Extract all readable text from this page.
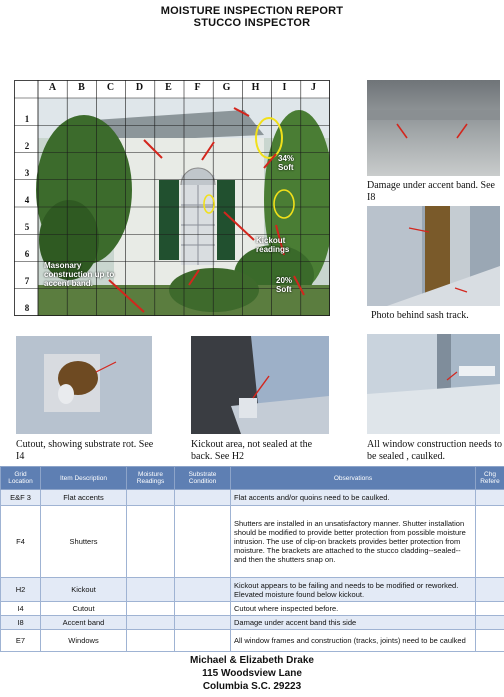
MOISTURE INSPECTION REPORT
STUCCO INSPECTOR
A	B	C	D	E	F	G	H	I	J
1
2
3
4
5
6
7
8
34% Soft
Kickout readings
Masonary construction up to accent band.	20% Soft
Damage under accent band. See I8
Photo behind sash track.
Cutout, showing substrate rot. See I4
Kickout area, not sealed at the back. See H2
All window construction needs to be sealed , caulked.
Grid Location	Item Description	Moisture Readings	Substrate Condition	Observations	Chg Refere
E&F 3	Flat accents			Flat accents and/or quoins need to be caulked.	
F4	Shutters			Shutters are installed in an unsatisfactory manner. Shutter installation should be modified to provide better protection from possible moisture intrusion. The use of clip-on brackets provides better protection from moisture. The brackets are attached to the stucco cladding--sealed--and then the shutters snap on.	
H2	Kickout			Kickout appears to be failing and needs to be modified or reworked. Elevated moisture found below kickout.	
I4	Cutout			Cutout where inspected before.	
I8	Accent band			Damage under accent band this side	
E7	Windows			All window frames and construction (tracks, joints) need to be caulked	
Michael & Elizabeth Drake
115 Woodsview Lane
Columbia S.C. 29223
